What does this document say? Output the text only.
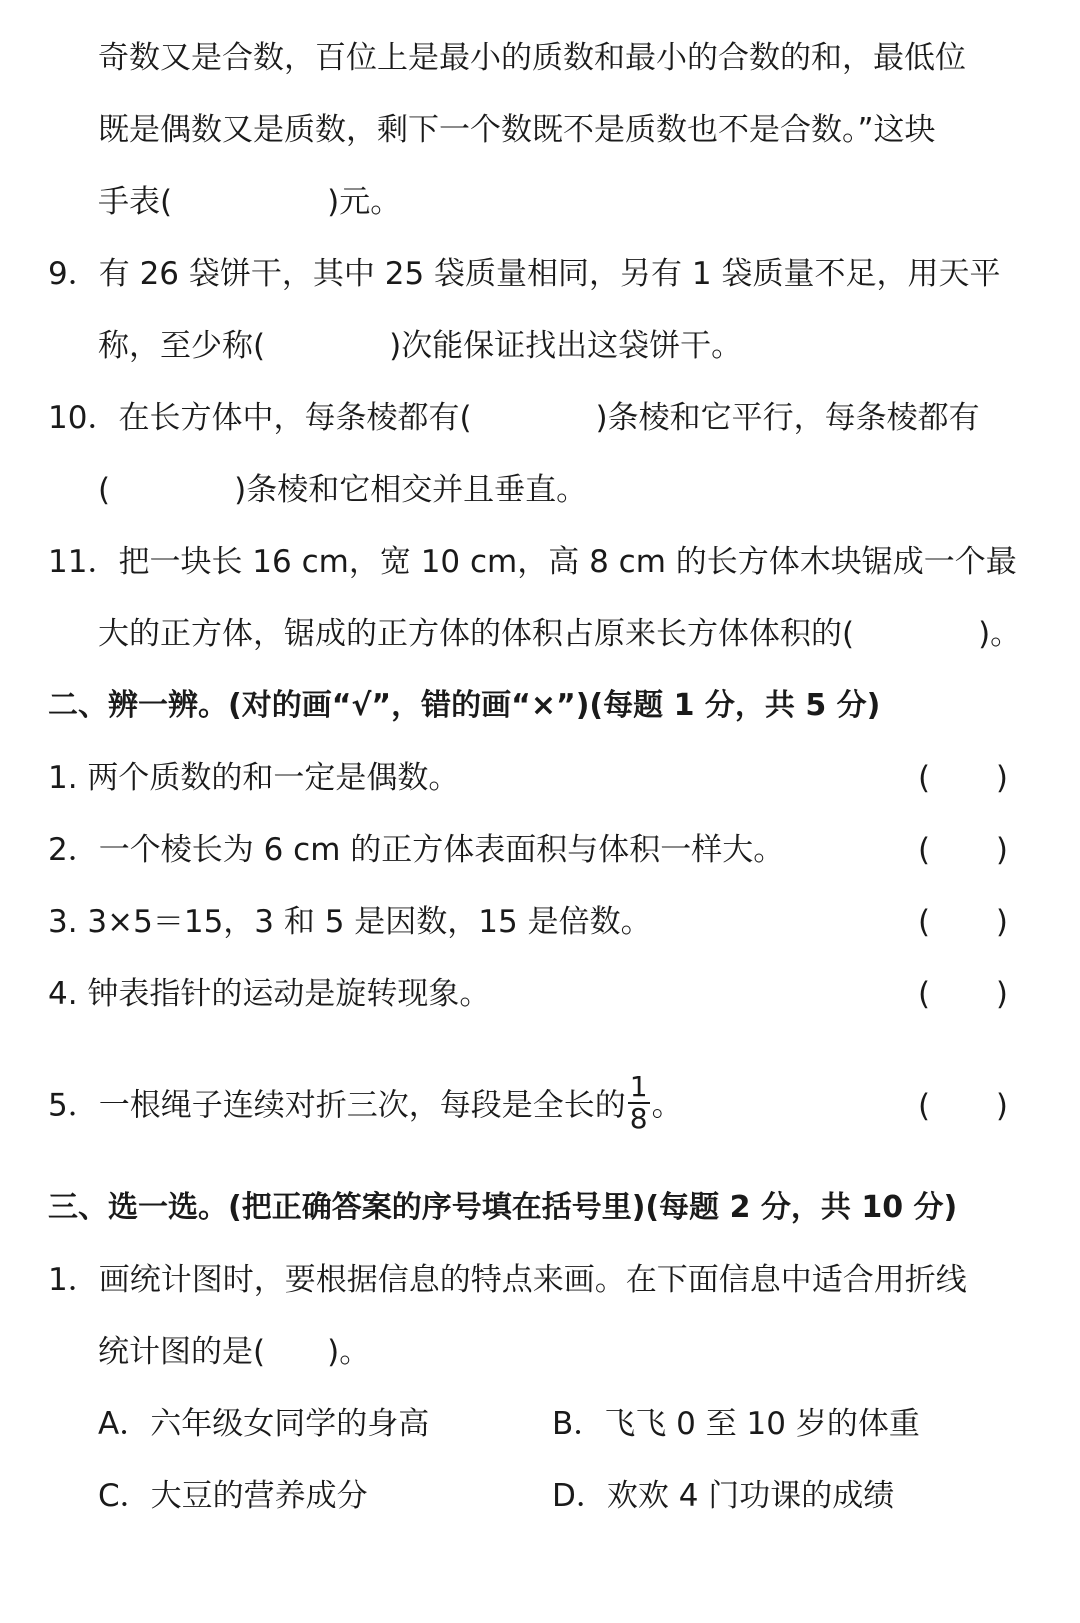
奇数又是合数，百位上是最小的质数和最小的合数的和，最低位
既是偶数又是质数，剩下一个数既不是质数也不是合数。”这块
手表(　　　　　)元。
9．有 26 袋饼干，其中 25 袋质量相同，另有 1 袋质量不足，用天平
称，至少称(　　　　)次能保证找出这袋饼干。
10．在长方体中，每条棱都有(　　　　)条棱和它平行，每条棱都有
(　　　　)条棱和它相交并且垂直。
11．把一块长 16 cm，宽 10 cm，高 8 cm 的长方体木块锯成一个最
大的正方体，锯成的正方体的体积占原来长方体体积的(　　　　)。
二、辨一辨。(对的画“√”，错的画“×”)(每题 1 分，共 5 分)
1. 两个质数的和一定是偶数。	( )
2．一个棱长为 6 cm 的正方体表面积与体积一样大。	( )
3. 3×5＝15，3 和 5 是因数，15 是倍数。	( )
4. 钟表指针的运动是旋转现象。	( )
5．一根绳子连续对折三次，每段是全长的 $\frac{1}{8}$ 。	( )
三、选一选。(把正确答案的序号填在括号里)(每题 2 分，共 10 分)
1．画统计图时，要根据信息的特点来画。在下面信息中适合用折线
统计图的是(　　)。
A．六年级女同学的身高	B．飞飞 0 至 10 岁的体重
C．大豆的营养成分	D．欢欢 4 门功课的成绩
